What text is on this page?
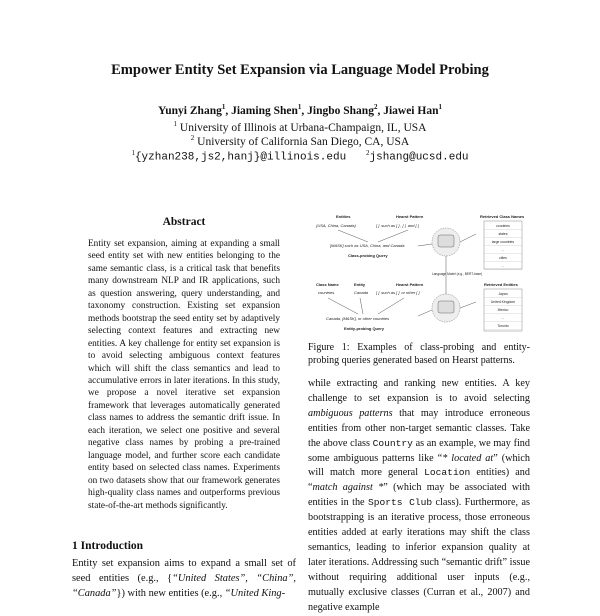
Empower Entity Set Expansion via Language Model Probing
Yunyi Zhang$^1$, Jiaming Shen$^1$, Jingbo Shang$^2$, Jiawei Han$^1$
$^1$ University of Illinois at Urbana-Champaign, IL, USA
$^2$ University of California San Diego, CA, USA
$^1${yzhan238,js2,hanj}@illinois.edu	$^2$jshang@ucsd.edu
Abstract
Entity set expansion, aiming at expanding a small seed entity set with new entities belonging to the same semantic class, is a critical task that benefits many downstream NLP and IR applications, such as question answering, query understanding, and taxonomy construction. Existing set expansion methods bootstrap the seed entity set by adaptively selecting context features and extracting new entities. A key challenge for entity set expansion is to avoid selecting ambiguous context features which will shift the class semantics and lead to accumulative errors in later iterations. In this study, we propose a novel iterative set expansion framework that leverages automatically generated class names to address the semantic drift issue. In each iteration, we select one positive and several negative class names by probing a pre-trained language model, and further score each candidate entity based on selected class names. Experiments on two datasets show that our framework generates high-quality class names and outperforms previous state-of-the-art methods significantly.
1 Introduction
Entity set expansion aims to expand a small set of seed entities (e.g., {“United States”, “China”, “Canada”}) with new entities (e.g., “United King-
Entities
{USA, China, Canada}
Hearst Pattern
[ ]  such as [ ] , [ ]  and [ ]
[MASK] such as USA, China, and Canada
Class-probing Query
Language Model (e.g., BERT-base)
Retrieved Class Names
countries
states
large countries
...
cities
...
Class Name
countries
Entity
Canada
Hearst Pattern
[ ]  such as [ ]  or other [ ]
Canada, [MASK], or other countries
Entity-probing Query
Retrieved Entities
Japan
United Kingdom
Mexico
...
Toronto
Figure 1: Examples of class-probing and entity-probing queries generated based on Hearst patterns.
while extracting and ranking new entities. A key challenge to set expansion is to avoid selecting ambiguous patterns that may introduce erroneous entities from other non-target semantic classes. Take the above class Country as an example, we may find some ambiguous patterns like “* located at” (which will match more general Location entities) and “match against *” (which may be associated with entities in the Sports Club class). Furthermore, as bootstrapping is an iterative process, those erroneous entities added at early iterations may shift the class semantics, leading to inferior expansion quality at later iterations. Addressing such “semantic drift” issue without requiring additional user inputs (e.g., mutually exclusive classes (Curran et al., 2007) and negative example
